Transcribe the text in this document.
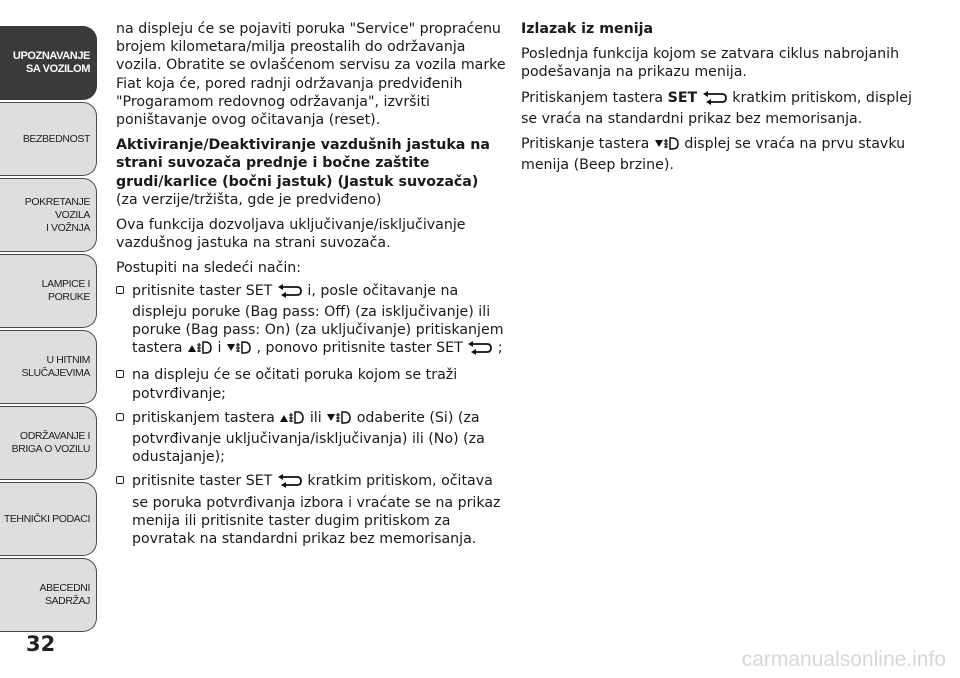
UPOZNAVANJE
SA VOZILOM
BEZBEDNOST
POKRETANJE VOZILA
I VOŽNJA
LAMPICE I PORUKE
U HITNIM
SLUČAJEVIMA
ODRŽAVANJE I
BRIGA O VOZILU
TEHNIČKI PODACI
ABECEDNI SADRŽAJ
32

na displeju će se pojaviti poruka "Service" propraćenu brojem kilometara/milja preostalih do održavanja vozila. Obratite se ovlašćenom servisu za vozila marke Fiat koja će, pored radnji održavanja predviđenih "Progaramom redovnog održavanja", izvršiti poništavanje ovog očitavanja (reset).

Aktiviranje/Deaktiviranje vazdušnih jastuka na strani suvozača prednje i bočne zaštite grudi/karlice (bočni jastuk) (Jastuk suvozača)

(za verzije/tržišta, gde je predviđeno)

Ova funkcija dozvoljava uključivanje/isključivanje vazdušnog jastuka na strani suvozača.

Postupiti na sledeći način:

pritisnite taster SET i, posle očitavanje na displeju poruke (Bag pass: Off) (za isključivanje) ili poruke (Bag pass: On) (za uključivanje) pritiskanjem tastera i , ponovo pritisnite taster SET ;
na displeju će se očitati poruka kojom se traži potvrđivanje;
pritiskanjem tastera ili odaberite (Si) (za potvrđivanje uključivanja/isključivanja) ili (No) (za odustajanje);
pritisnite taster SET kratkim pritiskom, očitava se poruka potvrđivanja izbora i vraćate se na prikaz menija ili pritisnite taster dugim pritiskom za povratak na standardni prikaz bez memorisanja.

Izlazak iz menija

Poslednja funkcija kojom se zatvara ciklus nabrojanih podešavanja na prikazu menija.

Pritiskanjem tastera SET kratkim pritiskom, displej se vraća na standardni prikaz bez memorisanja.

Pritiskanje tastera displej se vraća na prvu stavku menija (Beep brzine).

carmanualsonline.info
